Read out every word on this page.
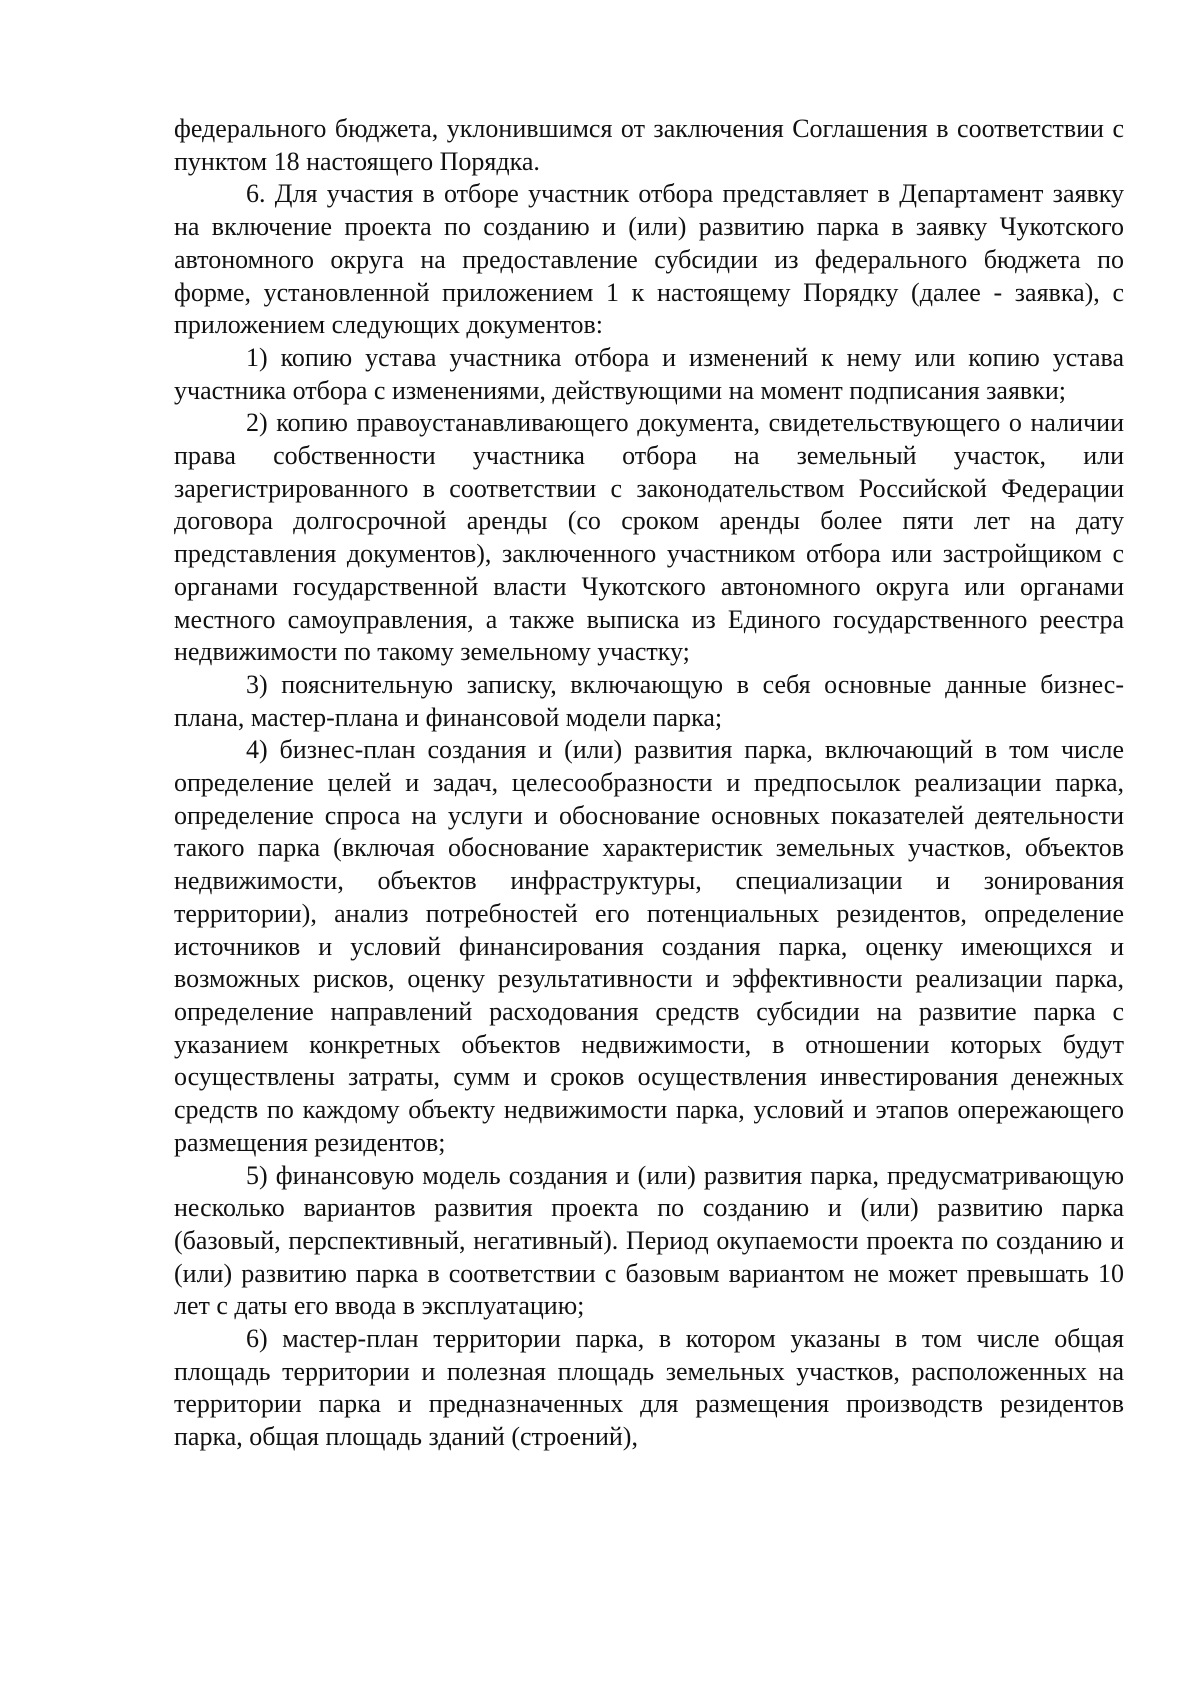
федерального бюджета, уклонившимся от заключения Соглашения в соответствии с пунктом 18 настоящего Порядка.

6. Для участия в отборе участник отбора представляет в Департамент заявку на включение проекта по созданию и (или) развитию парка в заявку Чукотского автономного округа на предоставление субсидии из федерального бюджета по форме, установленной приложением 1 к настоящему Порядку (далее - заявка), с приложением следующих документов:

1) копию устава участника отбора и изменений к нему или копию устава участника отбора с изменениями, действующими на момент подписания заявки;

2) копию правоустанавливающего документа, свидетельствующего о наличии права собственности участника отбора на земельный участок, или зарегистрированного в соответствии с законодательством Российской Федерации договора долгосрочной аренды (со сроком аренды более пяти лет на дату представления документов), заключенного участником отбора или застройщиком с органами государственной власти Чукотского автономного округа или органами местного самоуправления, а также выписка из Единого государственного реестра недвижимости по такому земельному участку;

3) пояснительную записку, включающую в себя основные данные бизнес-плана, мастер-плана и финансовой модели парка;

4) бизнес-план создания и (или) развития парка, включающий в том числе определение целей и задач, целесообразности и предпосылок реализации парка, определение спроса на услуги и обоснование основных показателей деятельности такого парка (включая обоснование характеристик земельных участков, объектов недвижимости, объектов инфраструктуры, специализации и зонирования территории), анализ потребностей его потенциальных резидентов, определение источников и условий финансирования создания парка, оценку имеющихся и возможных рисков, оценку результативности и эффективности реализации парка, определение направлений расходования средств субсидии на развитие парка с указанием конкретных объектов недвижимости, в отношении которых будут осуществлены затраты, сумм и сроков осуществления инвестирования денежных средств по каждому объекту недвижимости парка, условий и этапов опережающего размещения резидентов;

5) финансовую модель создания и (или) развития парка, предусматривающую несколько вариантов развития проекта по созданию и (или) развитию парка (базовый, перспективный, негативный). Период окупаемости проекта по созданию и (или) развитию парка в соответствии с базовым вариантом не может превышать 10 лет с даты его ввода в эксплуатацию;

6) мастер-план территории парка, в котором указаны в том числе общая площадь территории и полезная площадь земельных участков, расположенных на территории парка и предназначенных для размещения производств резидентов парка, общая площадь зданий (строений),
